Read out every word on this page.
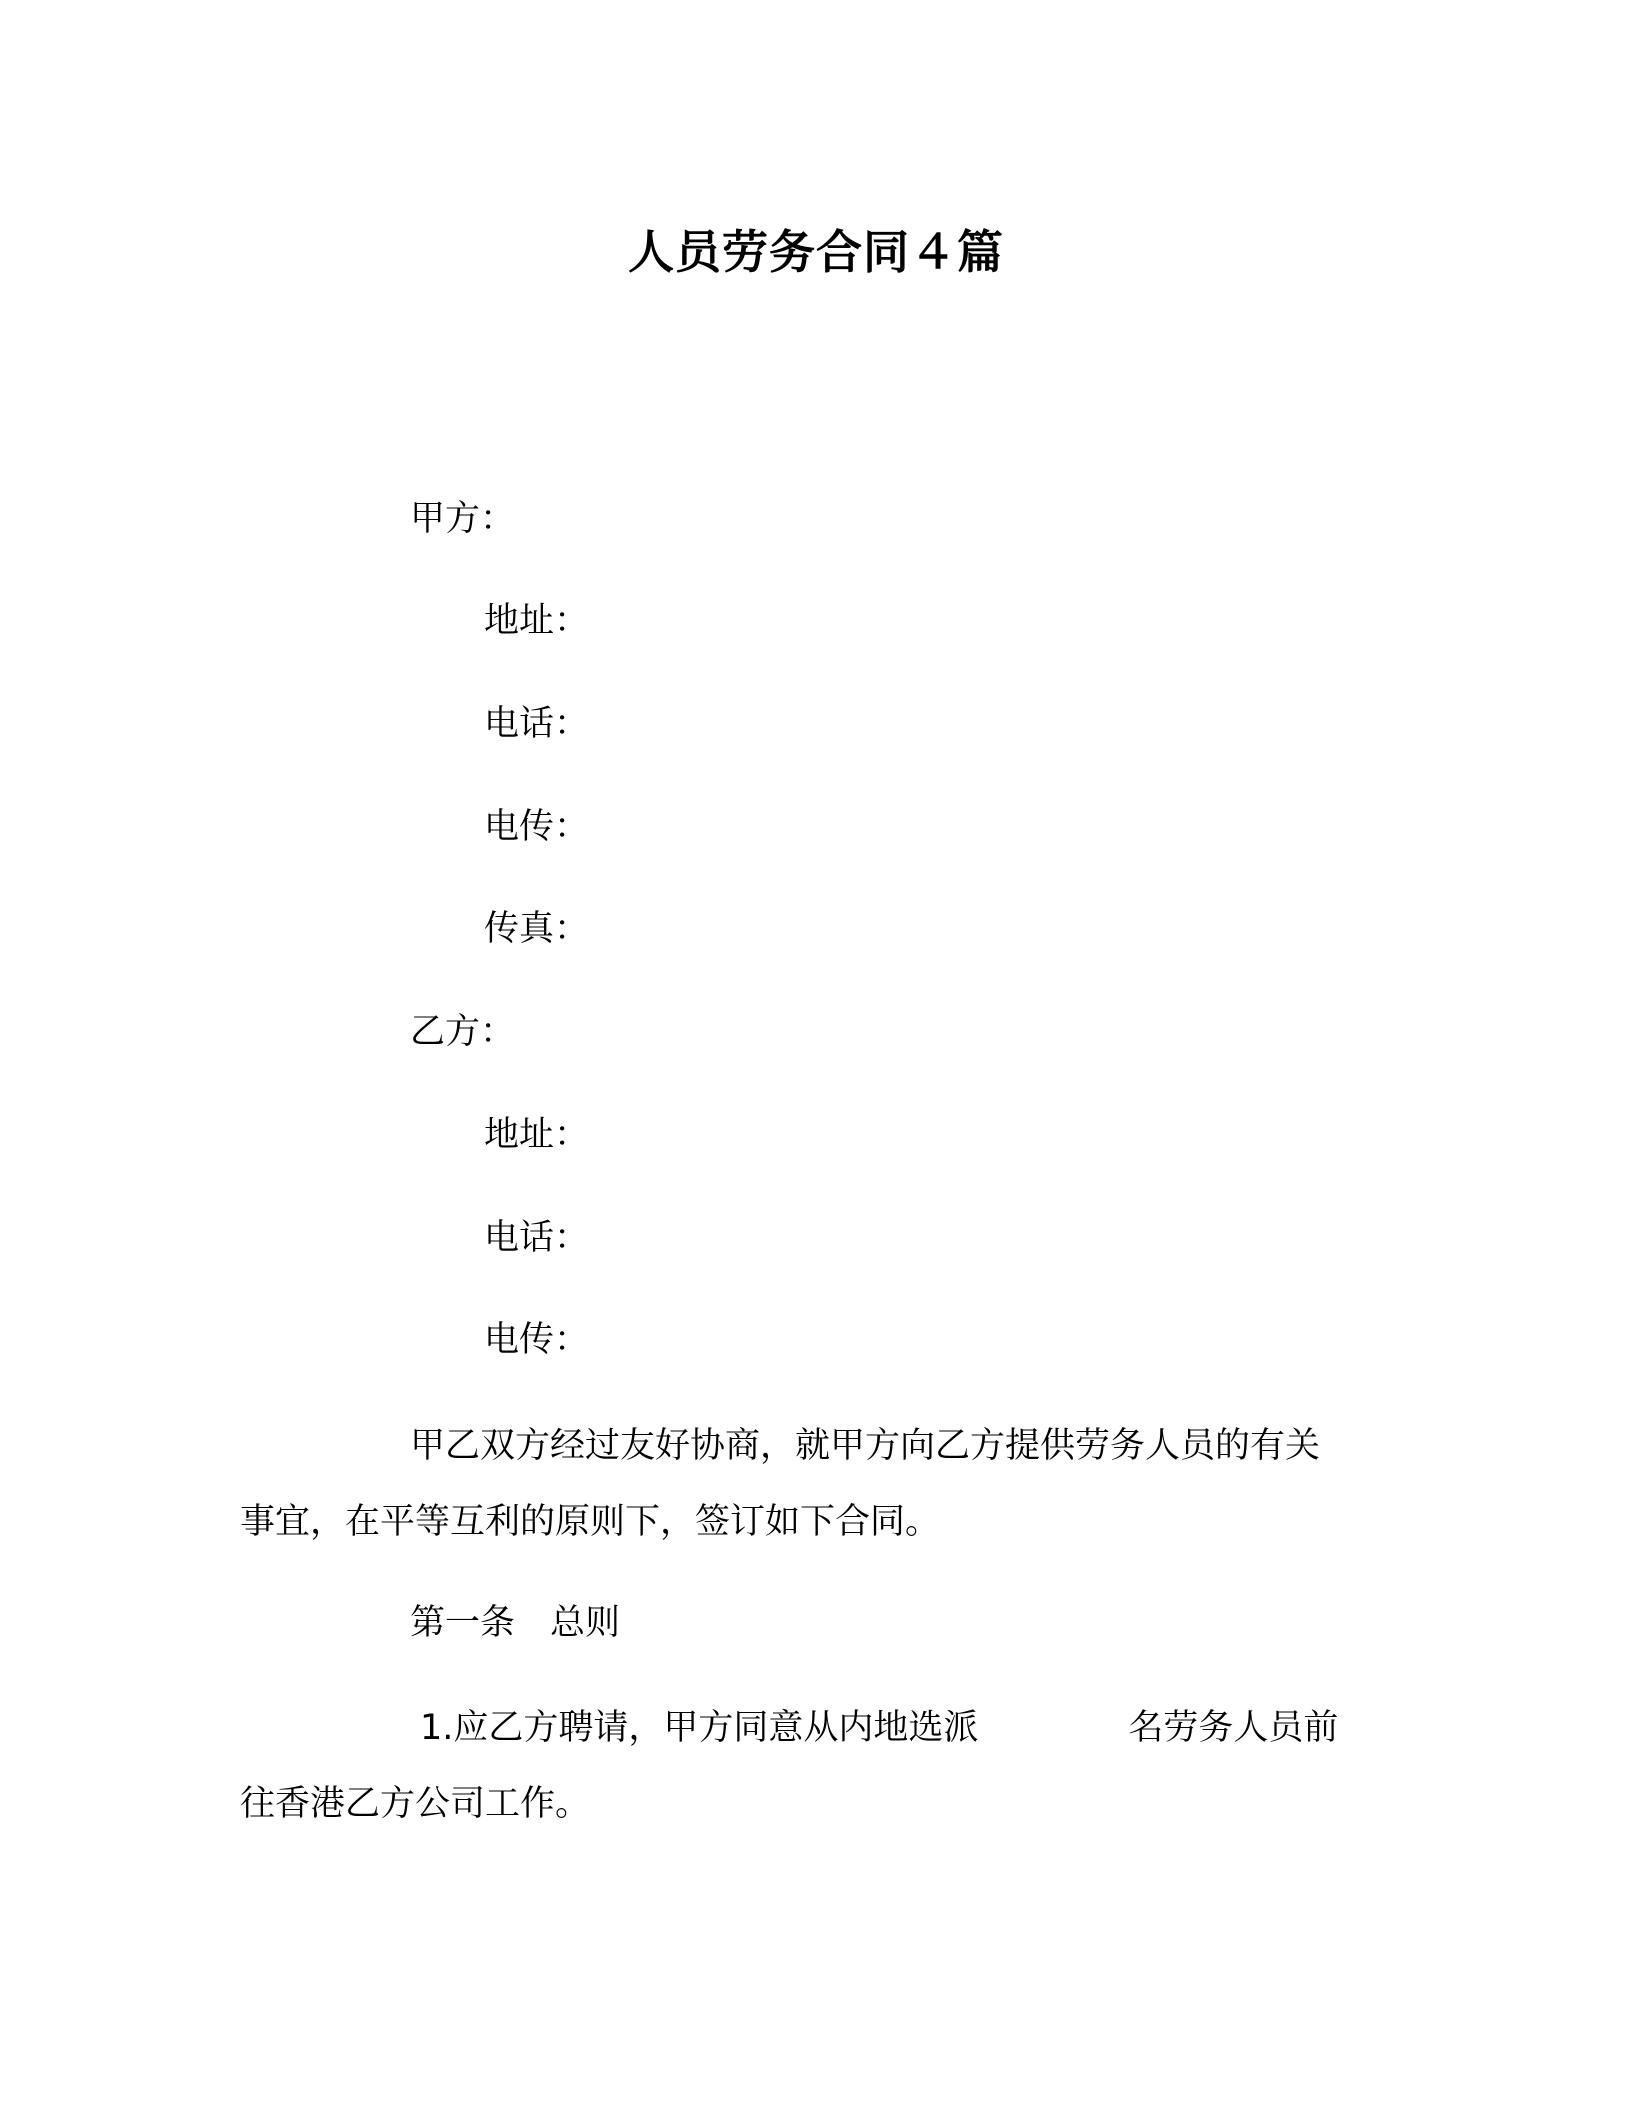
人员劳务合同４篇
甲方：
地址：
电话：
电传：
传真：
乙方：
地址：
电话：
电传：
甲乙双方经过友好协商，就甲方向乙方提供劳务人员的有关
事宜，在平等互利的原则下，签订如下合同。
第一条　总则
1.应乙方聘请，甲方同意从内地选派	名劳务人员前
往香港乙方公司工作。
